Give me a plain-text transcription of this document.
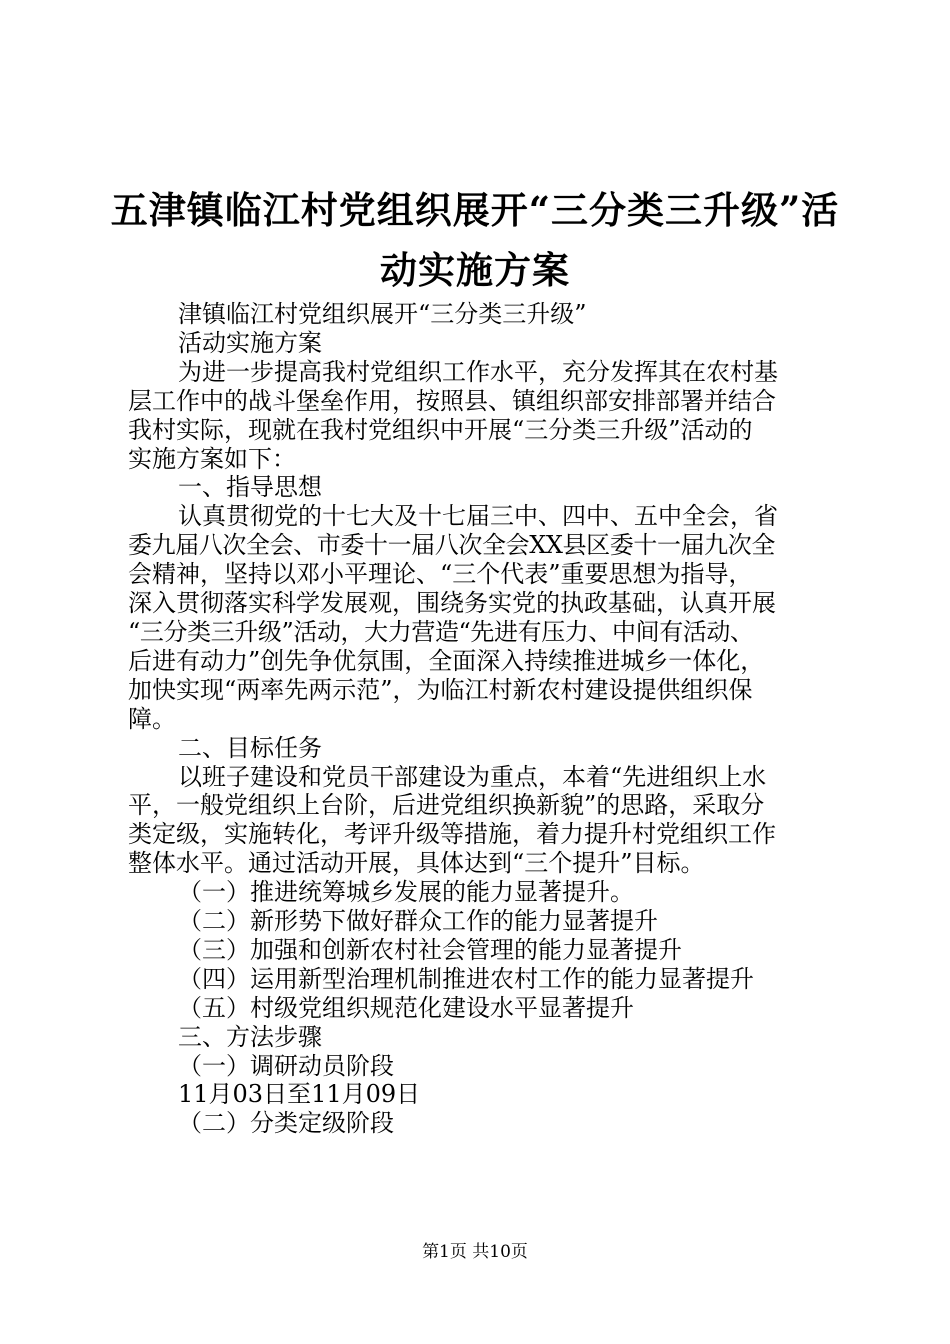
五津镇临江村党组织展开“三分类三升级”活
动实施方案

津镇临江村党组织展开“三分类三升级”

活动实施方案

为进一步提高我村党组织工作水平，充分发挥其在农村基

层工作中的战斗堡垒作用，按照县、镇组织部安排部署并结合

我村实际，现就在我村党组织中开展“三分类三升级”活动的

实施方案如下：

一、指导思想

认真贯彻党的十七大及十七届三中、四中、五中全会，省

委九届八次全会、市委十一届八次全会XX县区委十一届九次全

会精神，坚持以邓小平理论、“三个代表”重要思想为指导，

深入贯彻落实科学发展观，围绕务实党的执政基础，认真开展

“三分类三升级”活动，大力营造“先进有压力、中间有活动、

后进有动力”创先争优氛围，全面深入持续推进城乡一体化，

加快实现“两率先两示范”，为临江村新农村建设提供组织保

障。

二、目标任务

以班子建设和党员干部建设为重点，本着“先进组织上水

平，一般党组织上台阶，后进党组织换新貌”的思路，采取分

类定级，实施转化，考评升级等措施，着力提升村党组织工作

整体水平。通过活动开展，具体达到“三个提升”目标。

（一）推进统筹城乡发展的能力显著提升。

（二）新形势下做好群众工作的能力显著提升

（三）加强和创新农村社会管理的能力显著提升

（四）运用新型治理机制推进农村工作的能力显著提升

（五）村级党组织规范化建设水平显著提升

三、方法步骤

（一）调研动员阶段

11月03日至11月09日

（二）分类定级阶段

第1页 共10页
